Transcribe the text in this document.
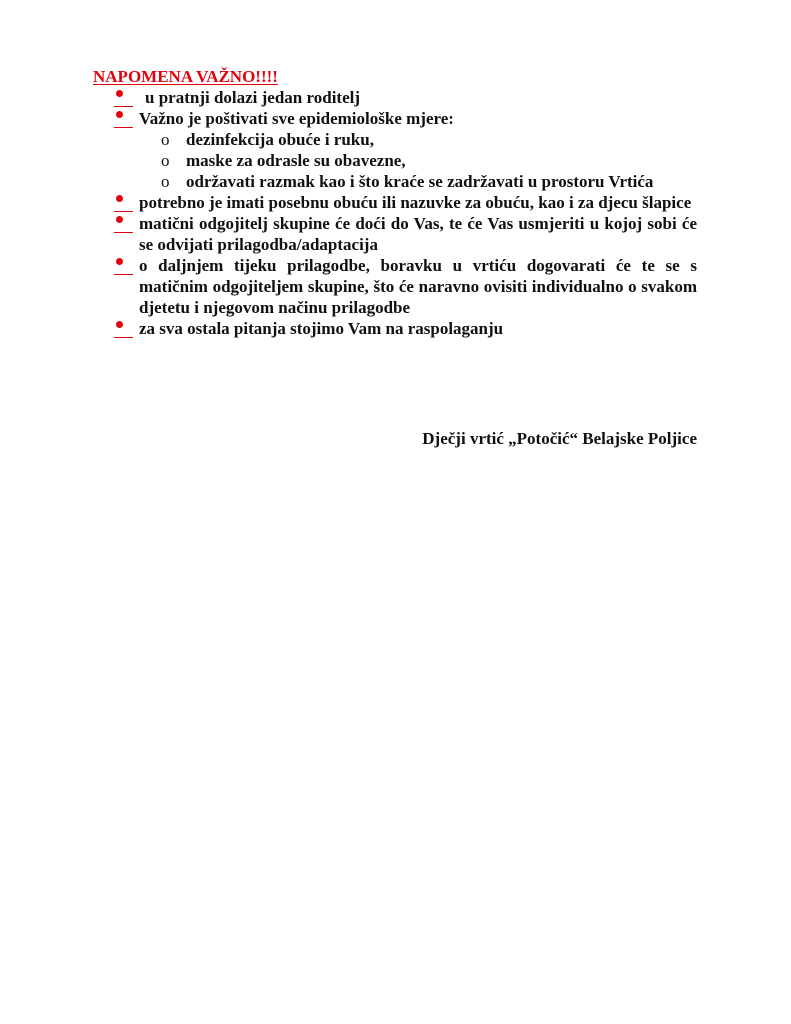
NAPOMENA VAŽNO!!!!
u pratnji dolazi jedan roditelj
Važno je poštivati sve epidemiološke mjere:
o dezinfekcija obuće i ruku,
o maske za odrasle su obavezne,
o održavati razmak kao i što kraće se zadržavati u prostoru Vrtića
potrebno je imati posebnu obuću ili nazuvke za obuću, kao i za djecu šlapice
matični odgojitelj skupine će doći do Vas, te će Vas usmjeriti u kojoj sobi će se odvijati prilagodba/adaptacija
o daljnjem tijeku prilagodbe, boravku u vrtiću dogovarati će te se s matičnim odgojiteljem skupine, što će naravno ovisiti individualno o svakom djetetu i njegovom načinu prilagodbe
za sva ostala pitanja stojimo Vam na raspolaganju
Dječji vrtić „Potočić“ Belajske Poljice
